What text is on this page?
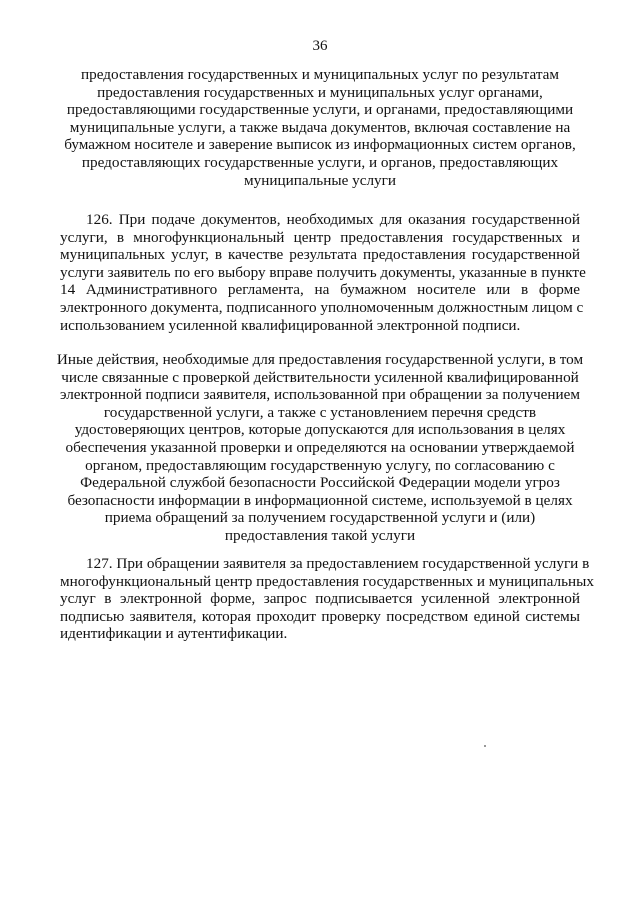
36
предоставления государственных и муниципальных услуг по результатам
предоставления государственных и муниципальных услуг органами,
предоставляющими государственные услуги, и органами, предоставляющими
муниципальные услуги, а также выдача документов, включая составление на
бумажном носителе и заверение выписок из информационных систем органов,
предоставляющих государственные услуги, и органов, предоставляющих
муниципальные услуги
126. При подаче документов, необходимых для оказания государственной
услуги, в многофункциональный центр предоставления государственных и
муниципальных услуг, в качестве результата предоставления государственной
услуги заявитель по его выбору вправе получить документы, указанные в пункте
14 Административного регламента, на бумажном носителе или в форме
электронного документа, подписанного уполномоченным должностным лицом с
использованием усиленной квалифицированной электронной подписи.
Иные действия, необходимые для предоставления государственной услуги, в том
числе связанные с проверкой действительности усиленной квалифицированной
электронной подписи заявителя, использованной при обращении за получением
государственной услуги, а также с установлением перечня средств
удостоверяющих центров, которые допускаются для использования в целях
обеспечения указанной проверки и определяются на основании утверждаемой
органом, предоставляющим государственную услугу, по согласованию с
Федеральной службой безопасности Российской Федерации модели угроз
безопасности информации в информационной системе, используемой в целях
приема обращений за получением государственной услуги и (или)
предоставления такой услуги
127. При обращении заявителя за предоставлением государственной услуги в
многофункциональный центр предоставления государственных и муниципальных
услуг в электронной форме, запрос подписывается усиленной электронной
подписью заявителя, которая проходит проверку посредством единой системы
идентификации и аутентификации.
